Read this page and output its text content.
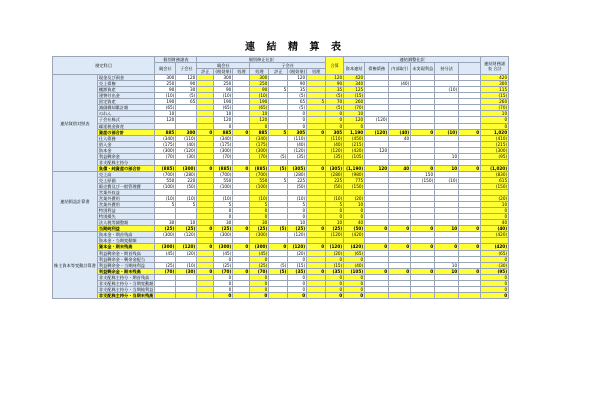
連 結 精 算 表
勘定科目		個別財務諸表		個別修正仕訳							合算	連結調整仕訳						連結財務諸表 合計
		親会社	子会社	親会社			子会社					資本連結	債権債務	内部取引	未実現利益	持分法		
				評正	(税効果)	処理	処理	評正	(税効果)	処理								
連結貸借対照表	現金及び預金	300	120		300		300		120		120	420						420
	売上債権	250	90		250		250		90		90	340		(40)				300
	棚卸資産	90	30		90		90	5	35		35	125				(10)		115
	建物付出金	(10)	(5)		(10)		(10)		(5)		(5)	(15)						(15)
	固定資産	190	65		190		190		65	5	70	260						260
	減価償却累計額	(65)			(65)		(65)		(5)		(5)	(70)						(70)
	のれん	10			10		10		0		0	10						10
	子会社株式	120			120		120		0		0	120	(120)					0
	繰延税金資産				0		0		0		0	0						0
	資産の部合計	885	300	0	885	0	885	5	305	0	305	1,190	(120)	(40)	0	(10)	0	1,020
	仕入債務	(340)	(110)		(340)		(340)		(110)		(110)	(450)		40				(410)
	借入金	(175)	(40)		(175)		(175)		(40)		(40)	(215)						(215)
	資本金	(300)	(120)		(300)		(300)		(120)		(120)	(420)	120					(300)
	利益剰余金	(70)	(30)		(70)		(70)	(5)	(35)		(35)	(105)				10		(95)
	非支配株主持分																	
	負債・純資産の部合計	(885)	(300)	0	(885)	0	(885)	(5)	(305)	0	(305)	(1,190)	120	40	0	10	0	(1,020)
連結損益計算書	売上高	(700)	(280)		(700)		(700)		(280)		(280)	(980)			150			(830)
	売上原価	550	220		550		550	5	225		225	775			(150)	(10)		615
	販売費及び一般管理費	(100)	(50)		(100)		(100)		(50)		(50)	(150)						(150)
	営業外収益																	
	営業外費用	(10)	(10)		(10)		(10)		(10)		(10)	(20)						(20)
	営業外費用	5	5		5		5		5		5	10						10
	特別利益				0		0		0		0	0						0
	特別損失				0		0		0		0	0						0
	法人税等調整額	30	10		30		30		10		10	40						40
	当期純利益	(25)	(25)	0	(25)	0	(25)	(5)	(25)	0	(25)	(50)	0	0	0	10	0	(40)
株主資本等変動計算書	資本金・期首残高	(300)	(120)		(300)		(300)		(120)		(120)	(420)						(420)
	資本金・当期変動額																	
	資本金・期末残高	(300)	(120)	0	(300)	0	(300)	0	(120)	0	(120)	(420)	0	0	0	0	0	(420)
	利益剰余金・期首残高	(45)	(20)		(45)		(45)		(20)		(20)	(65)						(65)
	利益剰余金・剰余金配当				0		0		0		0	0						0
	利益剰余金・当期純利益	(25)	(10)		(25)		(25)	(5)	(15)		(15)	(40)				10		(30)
	利益剰余金・期末残高	(70)	(30)	0	(70)	0	(70)	(5)	(35)	0	(35)	(105)	0	0	0	10	0	(95)
	非支配株主持分・期首残高				0		0		0		0	0						0
	非支配株主持分・当期変動額				0		0		0		0	0						0
	非支配株主持分・当期純利益				0		0		0		0	0						0
	非支配株主持分・当期末残高				0		0		0		0	0						0
